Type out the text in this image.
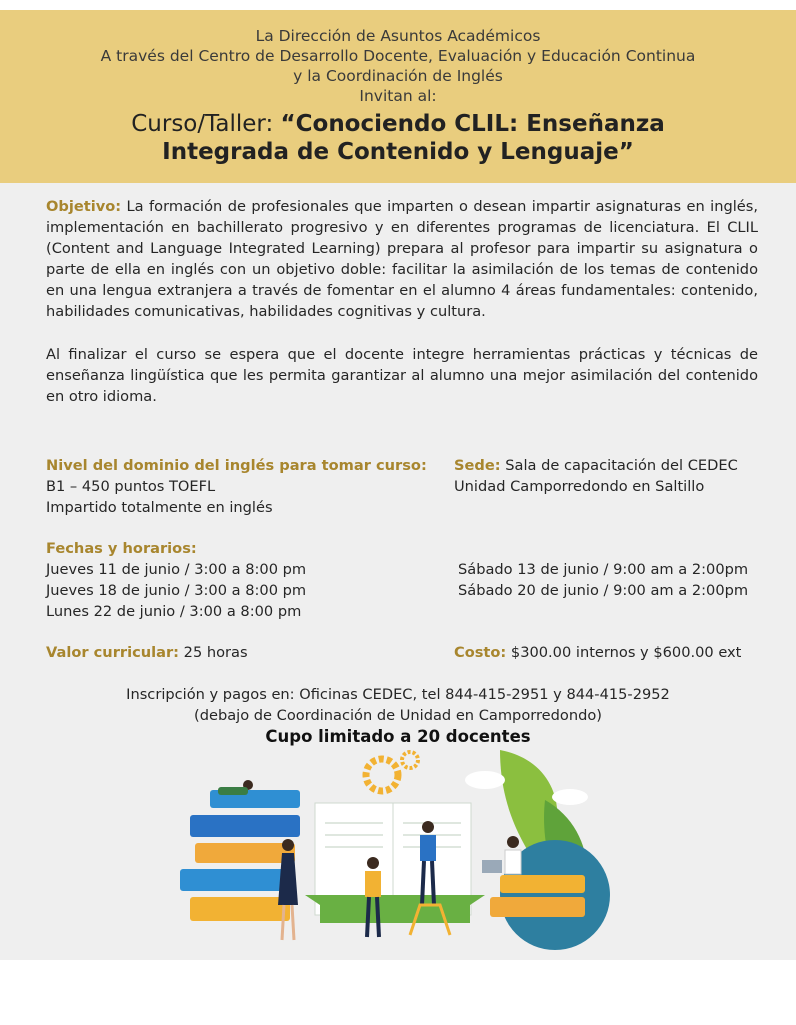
La Dirección de Asuntos Académicos
A través del Centro de Desarrollo Docente, Evaluación y Educación Continua
y la Coordinación de Inglés
Invitan al:
Curso/Taller: “Conociendo CLIL: Enseñanza
Integrada de Contenido y Lenguaje”

Objetivo: La formación de profesionales que imparten o desean impartir asignaturas en inglés, implementación en bachillerato progresivo y en diferentes programas de licenciatura. El CLIL (Content and Language Integrated Learning) prepara al profesor para impartir su asignatura o parte de ella en inglés con un objetivo doble: facilitar la asimilación de los temas de contenido en una lengua extranjera a través de fomentar en el alumno 4 áreas fundamentales: contenido, habilidades comunicativas, habilidades cognitivas y cultura.

Al finalizar el curso se espera que el docente integre herramientas prácticas y técnicas de enseñanza lingüística que les permita garantizar al alumno una mejor asimilación del contenido en otro idioma.

Nivel del dominio del inglés para tomar curso:
B1 – 450 puntos TOEFL
Impartido totalmente en inglés
Sede: Sala de capacitación del CEDEC
Unidad Camporredondo en Saltillo
Fechas y horarios:
Jueves 11 de junio / 3:00 a 8:00 pm
Jueves 18 de junio / 3:00 a 8:00 pm
Lunes 22 de junio / 3:00 a 8:00 pm
Sábado 13 de junio / 9:00 am a 2:00pm
Sábado 20 de junio / 9:00 am a 2:00pm
Valor curricular: 25 horas	Costo: $300.00 internos y $600.00 ext
Inscripción y pagos en: Oficinas CEDEC, tel 844-415-2951 y 844-415-2952
(debajo de Coordinación de Unidad en Camporredondo)
Cupo limitado a 20 docentes
